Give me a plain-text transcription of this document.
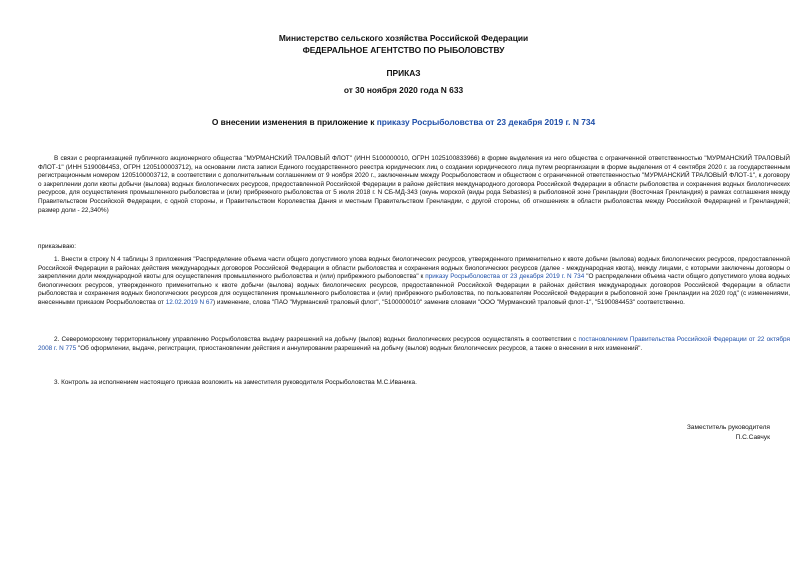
Министерство сельского хозяйства Российской Федерации
ФЕДЕРАЛЬНОЕ АГЕНТСТВО ПО РЫБОЛОВСТВУ
ПРИКАЗ
от 30 ноября 2020 года N 633
О внесении изменения в приложение к приказу Росрыболовства от 23 декабря 2019 г. N 734

В связи с реорганизацией публичного акционерного общества "МУРМАНСКИЙ ТРАЛОВЫЙ ФЛОТ" (ИНН 5100000010, ОГРН 1025100833966) в форме выделения из него общества с ограниченной ответственностью "МУРМАНСКИЙ ТРАЛОВЫЙ ФЛОТ-1" (ИНН 5190084453, ОГРН 1205100003712), на основании листа записи Единого государственного реестра юридических лиц о создании юридического лица путем реорганизации в форме выделения от 4 сентября 2020 г. за государственным регистрационным номером 1205100003712, в соответствии с дополнительным соглашением от 9 ноября 2020 г., заключенным между Росрыболовством и обществом с ограниченной ответственностью "МУРМАНСКИЙ ТРАЛОВЫЙ ФЛОТ-1", к договору о закреплении доли квоты добычи (вылова) водных биологических ресурсов, предоставленной Российской Федерации в районе действия международного договора Российской Федерации в области рыболовства и сохранения водных биологических ресурсов, для осуществления промышленного рыболовства и (или) прибрежного рыболовства от 5 июля 2018 г. N СБ-МД-343 (окунь морской (виды рода Sebastes) в рыболовной зоне Гренландии (Восточная Гренландия) в рамках соглашения между Правительством Российской Федерации, с одной стороны, и Правительством Королевства Дания и местным Правительством Гренландии, с другой стороны, об отношениях в области рыболовства между Российской Федерацией и Гренландией; размер доли - 22,340%)

приказываю:

1. Внести в строку N 4 таблицы 3 приложения "Распределение объема части общего допустимого улова водных биологических ресурсов, утвержденного применительно к квоте добычи (вылова) водных биологических ресурсов, предоставленной Российской Федерации в районах действия международных договоров Российской Федерации в области рыболовства и сохранения водных биологических ресурсов (далее - международная квота), между лицами, с которыми заключены договоры о закреплении доли международной квоты для осуществления промышленного рыболовства и (или) прибрежного рыболовства" к приказу Росрыболовства от 23 декабря 2019 г. N 734 "О распределении объема части общего допустимого улова водных биологических ресурсов, утвержденного применительно к квоте добычи (вылова) водных биологических ресурсов, предоставленной Российской Федерации в районах действия международных договоров Российской Федерации в области рыболовства и сохранения водных биологических ресурсов для осуществления промышленного рыболовства и (или) прибрежного рыболовства, по пользователям Российской Федерации в рыболовной зоне Гренландии на 2020 год" (с изменениями, внесенными приказом Росрыболовства от 12.02.2019 N 67) изменение, слова "ПАО "Мурманский траловый флот", "5100000010" заменив словами "ООО "Мурманский траловый флот-1", "5190084453" соответственно.

2. Североморскому территориальному управлению Росрыболовства выдачу разрешений на добычу (вылов) водных биологических ресурсов осуществлять в соответствии с постановлением Правительства Российской Федерации от 22 октября 2008 г. N 775 "Об оформлении, выдаче, регистрации, приостановлении действия и аннулировании разрешений на добычу (вылов) водных биологических ресурсов, а также о внесении в них изменений".

3. Контроль за исполнением настоящего приказа возложить на заместителя руководителя Росрыболовства М.С.Иваника.

Заместитель руководителя
П.С.Савчук
